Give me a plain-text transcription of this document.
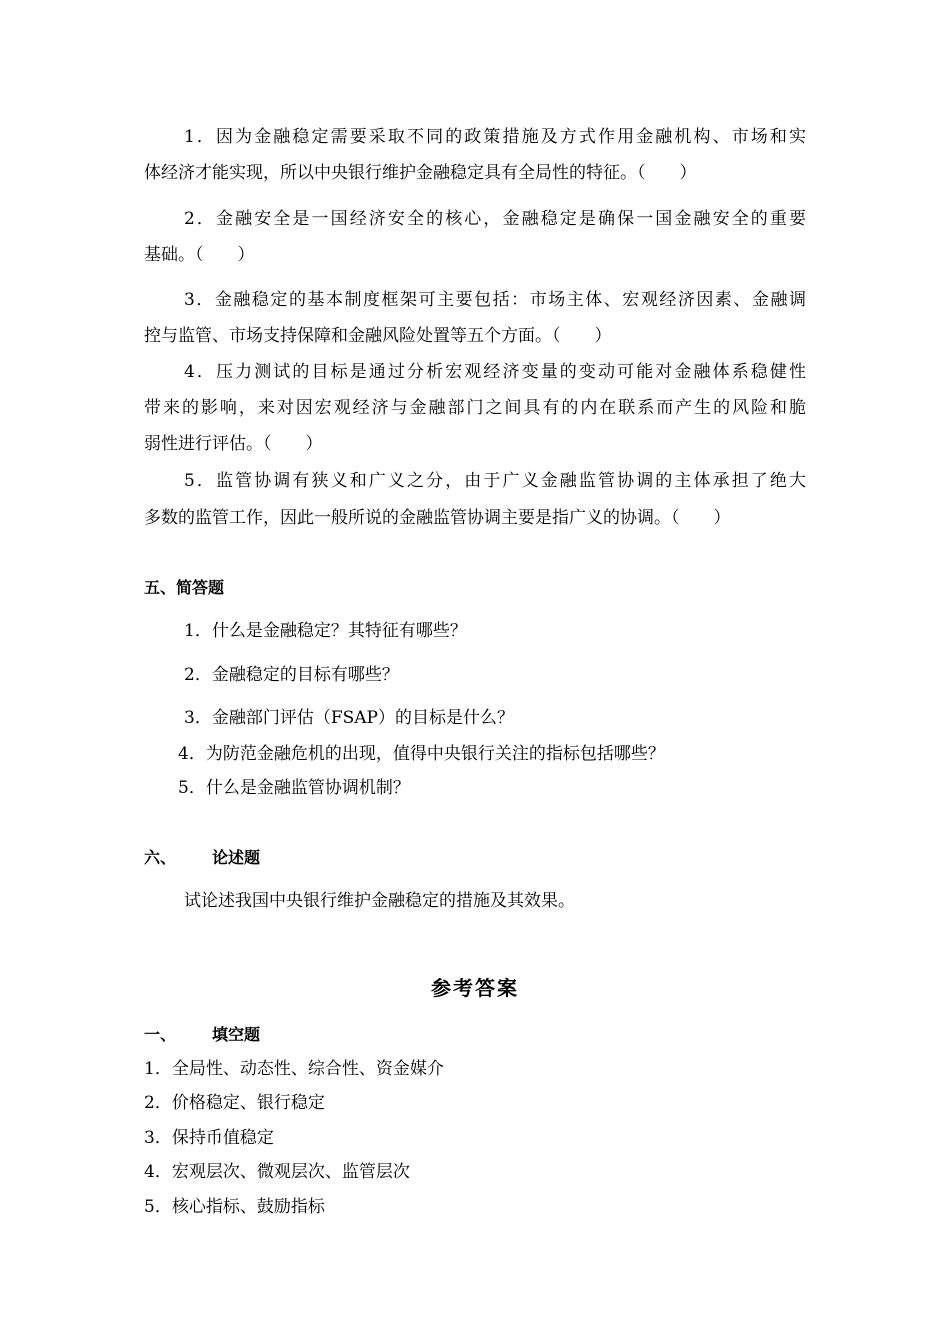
1．因为金融稳定需要采取不同的政策措施及方式作用金融机构、市场和实
体经济才能实现，所以中央银行维护金融稳定具有全局性的特征。（　　）
2．金融安全是一国经济安全的核心，金融稳定是确保一国金融安全的重要
基础。（　　）
3．金融稳定的基本制度框架可主要包括：市场主体、宏观经济因素、金融调
控与监管、市场支持保障和金融风险处置等五个方面。（　　）
4．压力测试的目标是通过分析宏观经济变量的变动可能对金融体系稳健性
带来的影响，来对因宏观经济与金融部门之间具有的内在联系而产生的风险和脆
弱性进行评估。（　　）
5．监管协调有狭义和广义之分，由于广义金融监管协调的主体承担了绝大
多数的监管工作，因此一般所说的金融监管协调主要是指广义的协调。（　　）
五、简答题
1．什么是金融稳定？其特征有哪些？
2．金融稳定的目标有哪些？
3．金融部门评估（FSAP）的目标是什么？
4．为防范金融危机的出现，值得中央银行关注的指标包括哪些？
5．什么是金融监管协调机制？
六、 论述题
试论述我国中央银行维护金融稳定的措施及其效果。
参考答案
一、 填空题
1．全局性、动态性、综合性、资金媒介
2．价格稳定、银行稳定
3．保持币值稳定
4．宏观层次、微观层次、监管层次
5．核心指标、鼓励指标
